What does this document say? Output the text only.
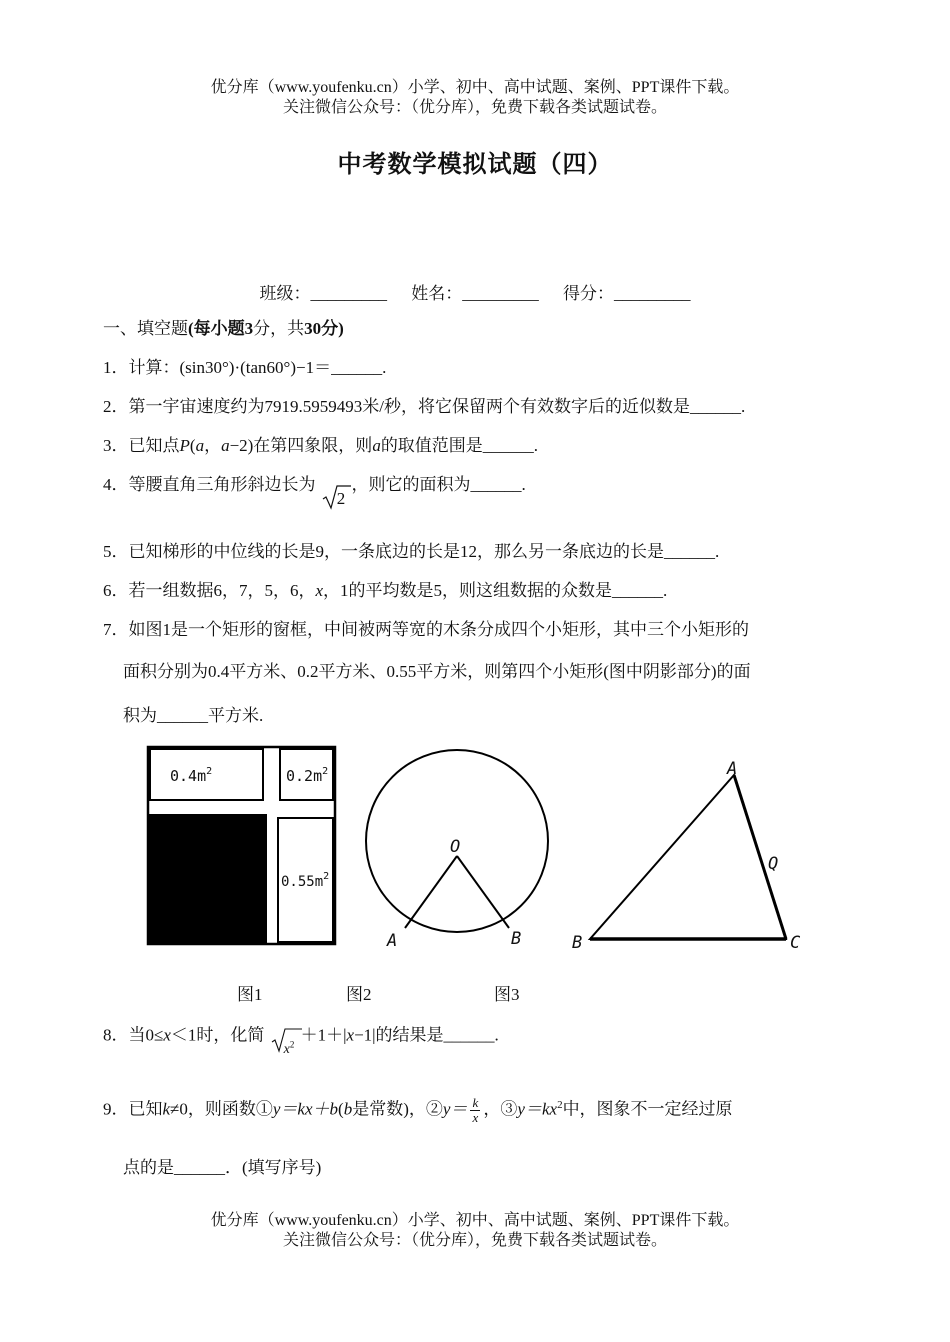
优分库（www.youfenku.cn）小学、初中、高中试题、案例、PPT课件下载。
关注微信公众号：（优分库），免费下载各类试题试卷。
中考数学模拟试题（四）
班级：_________ 姓名：_________ 得分：_________
一、填空题(每小题3分，共30分)
1．计算：(sin30°)·(tan60°)−1＝______.
2．第一宇宙速度约为7919.5959493米/秒，将它保留两个有效数字后的近似数是______.
3．已知点P(a，a−2)在第四象限，则a的取值范围是______.
4．等腰直角三角形斜边长为
2 ，则它的面积为______.
5．已知梯形的中位线的长是9，一条底边的长是12，那么另一条底边的长是______.
6．若一组数据6，7，5，6，x，1的平均数是5，则这组数据的众数是______.
7．如图1是一个矩形的窗框，中间被两等宽的木条分成四个小矩形，其中三个小矩形的
面积分别为0.4平方米、0.2平方米、0.55平方米，则第四个小矩形(图中阴影部分)的面
积为______平方米.
$0.4m^2$	$0.2m^2$
$0.55m^2$
O
A	B
A
B	C
Q
图1	图2	图3
8．当0≤x＜1时，化简
$x^2 +1+|x-1|$的结果是______.
9．已知k≠0，则函数①y＝kx＋b(b是常数)，②y＝ $\frac{k}{x}$ ，$③y=kx^2$中，图象不一定经过原
点的是______．(填写序号)
优分库（www.youfenku.cn）小学、初中、高中试题、案例、PPT课件下载。
关注微信公众号：（优分库），免费下载各类试题试卷。
